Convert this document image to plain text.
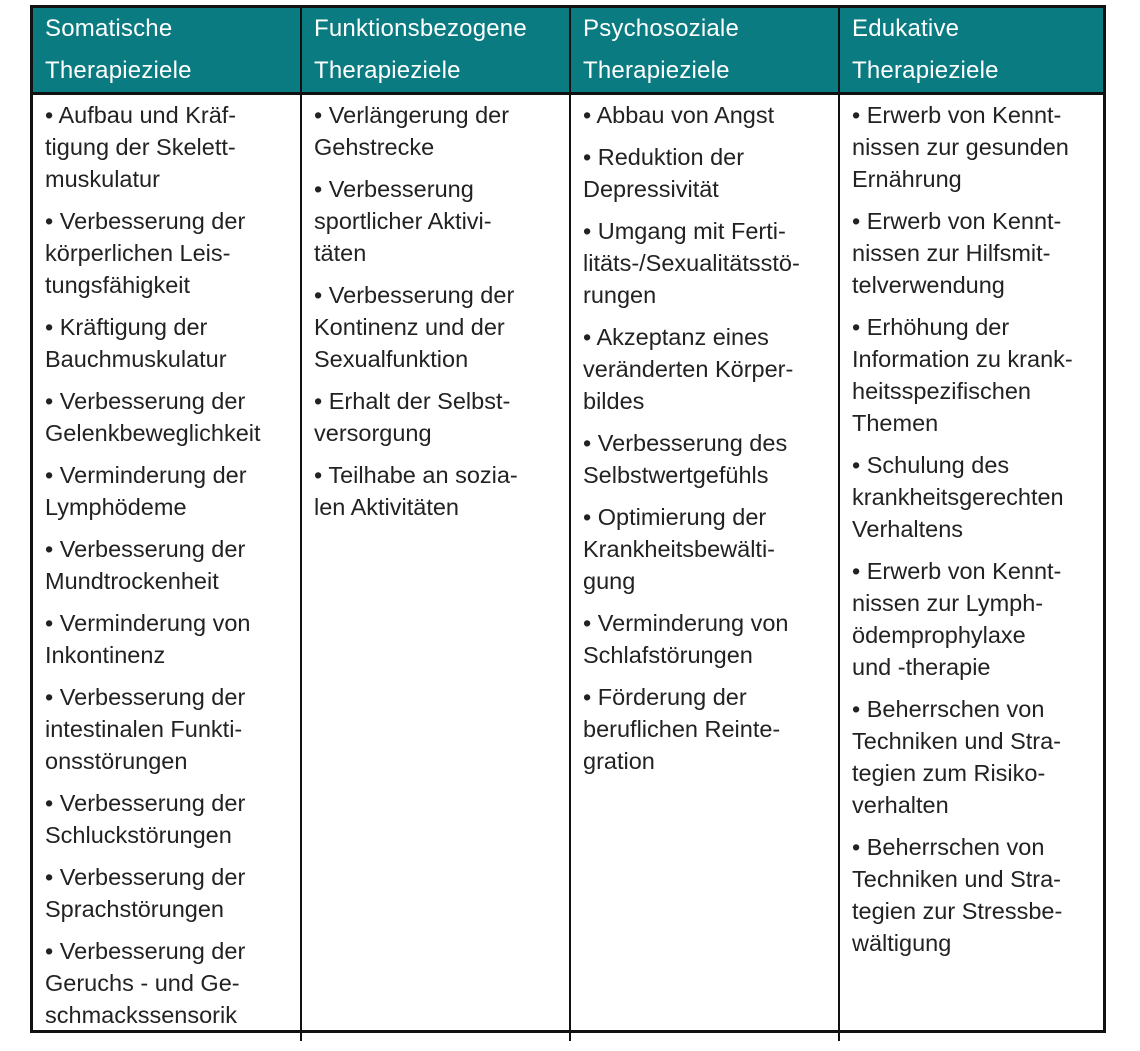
Somatische
Therapieziele
Funktionsbezogene
Therapieziele
Psychosoziale
Therapieziele
Edukative
Therapieziele
• Aufbau und Kräf-
tigung der Skelett-
muskulatur
• Verbesserung der
körperlichen Leis-
tungsfähigkeit
• Kräftigung der
Bauchmuskulatur
• Verbesserung der
Gelenkbeweglichkeit
• Verminderung der
Lymphödeme
• Verbesserung der
Mundtrockenheit
• Verminderung von
Inkontinenz
• Verbesserung der
intestinalen Funkti-
onsstörungen
• Verbesserung der
Schluckstörungen
• Verbesserung der
Sprachstörungen
• Verbesserung der
Geruchs - und Ge-
schmackssensorik
• Verlängerung der
Gehstrecke
• Verbesserung
sportlicher Aktivi-
täten
• Verbesserung der
Kontinenz und der
Sexualfunktion
• Erhalt der Selbst-
versorgung
• Teilhabe an sozia-
len Aktivitäten
• Abbau von Angst
• Reduktion der
Depressivität
• Umgang mit Ferti-
litäts-/Sexualitätsstö-
rungen
• Akzeptanz eines
veränderten Körper-
bildes
• Verbesserung des
Selbstwertgefühls
• Optimierung der
Krankheitsbewälti-
gung
• Verminderung von
Schlafstörungen
• Förderung der
beruflichen Reinte-
gration
• Erwerb von Kennt-
nissen zur gesunden
Ernährung
• Erwerb von Kennt-
nissen zur Hilfsmit-
telverwendung
• Erhöhung der
Information zu krank-
heitsspezifischen
Themen
• Schulung des
krankheitsgerechten
Verhaltens
• Erwerb von Kennt-
nissen zur Lymph-
ödemprophylaxe
und -therapie
• Beherrschen von
Techniken und Stra-
tegien zum Risiko-
verhalten
• Beherrschen von
Techniken und Stra-
tegien zur Stressbe-
wältigung
